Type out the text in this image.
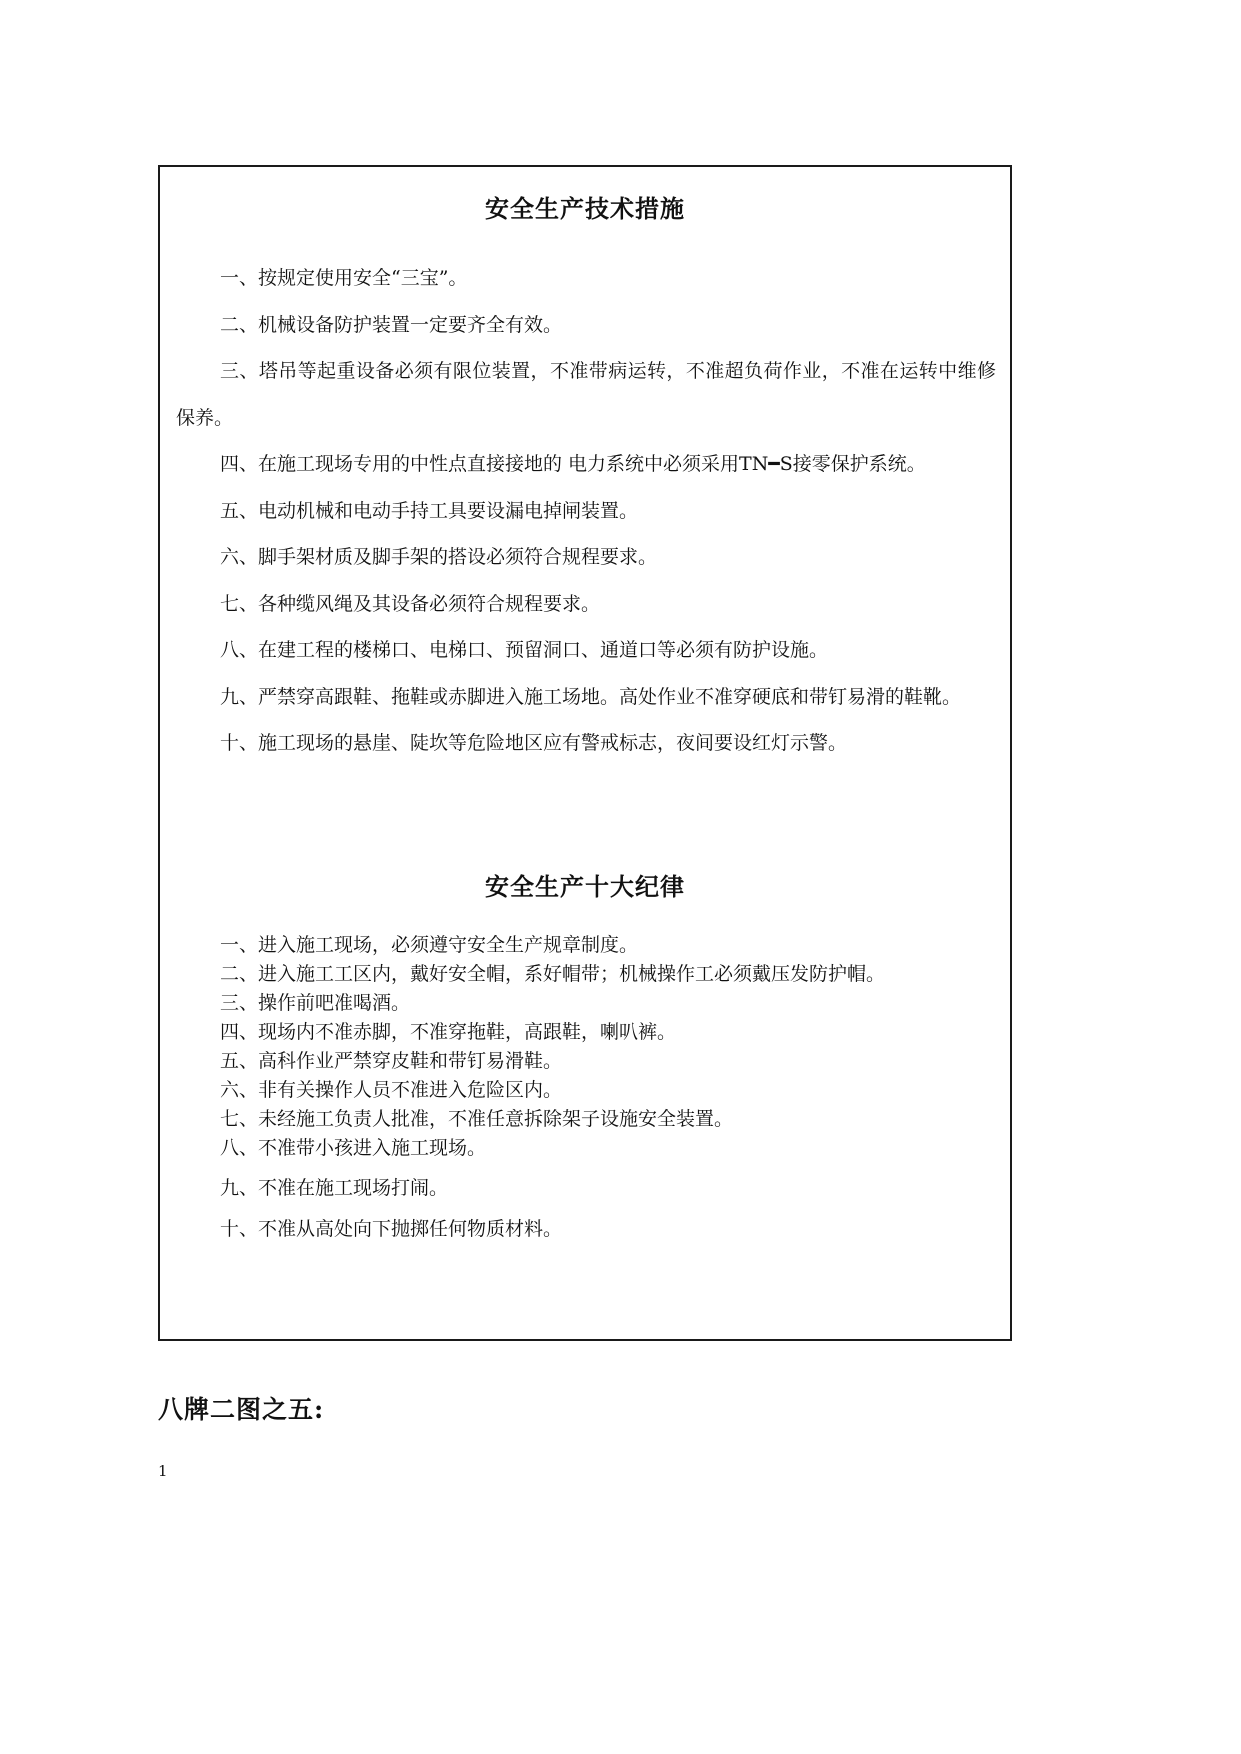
安全生产技术措施
一、按规定使用安全“三宝”。
二、机械设备防护装置一定要齐全有效。
三、塔吊等起重设备必须有限位装置，不准带病运转，不准超负荷作业，不准在运转中维修保养。
四、在施工现场专用的中性点直接接地的 电力系统中必须采用TN━S接零保护系统。
五、电动机械和电动手持工具要设漏电掉闸装置。
六、脚手架材质及脚手架的搭设必须符合规程要求。
七、各种缆风绳及其设备必须符合规程要求。
八、在建工程的楼梯口、电梯口、预留洞口、通道口等必须有防护设施。
九、严禁穿高跟鞋、拖鞋或赤脚进入施工场地。高处作业不准穿硬底和带钉易滑的鞋靴。
十、施工现场的悬崖、陡坎等危险地区应有警戒标志，夜间要设红灯示警。
安全生产十大纪律
一、进入施工现场，必须遵守安全生产规章制度。
二、进入施工工区内，戴好安全帽，系好帽带；机械操作工必须戴压发防护帽。
三、操作前吧准喝酒。
四、现场内不准赤脚，不准穿拖鞋，高跟鞋，喇叭裤。
五、高科作业严禁穿皮鞋和带钉易滑鞋。
六、非有关操作人员不准进入危险区内。
七、未经施工负责人批准，不准任意拆除架子设施安全装置。
八、不准带小孩进入施工现场。
九、不准在施工现场打闹。
十、不准从高处向下抛掷任何物质材料。
八牌二图之五:
1
